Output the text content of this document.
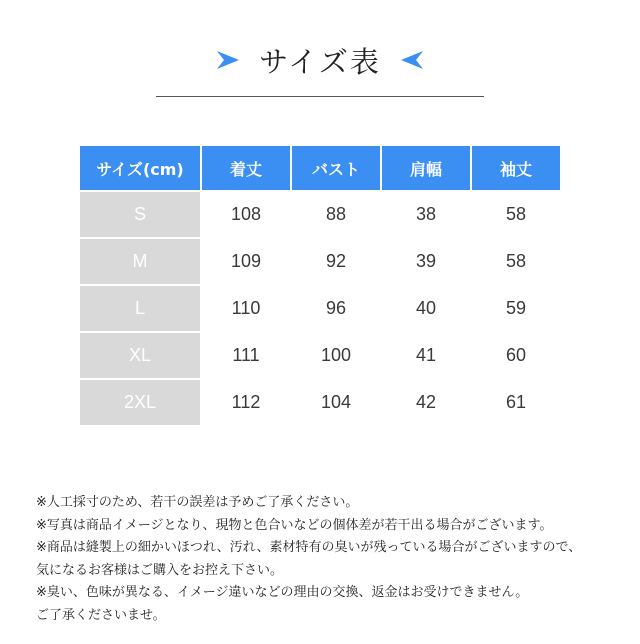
サイズ表
サイズ(cm)	着丈	バスト	肩幅	袖丈
S	108	88	38	58
M	109	92	39	58
L	110	96	40	59
XL	111	100	41	60
2XL	112	104	42	61

※人工採寸のため、若干の誤差は予めご了承ください。

※写真は商品イメージとなり、現物と色合いなどの個体差が若干出る場合がございます。

※商品は縫製上の細かいほつれ、汚れ、素材特有の臭いが残っている場合がございますので、

気になるお客様はご購入をお控え下さい。

※臭い、色味が異なる、イメージ違いなどの理由の交換、返金はお受けできません。

ご了承くださいませ。
